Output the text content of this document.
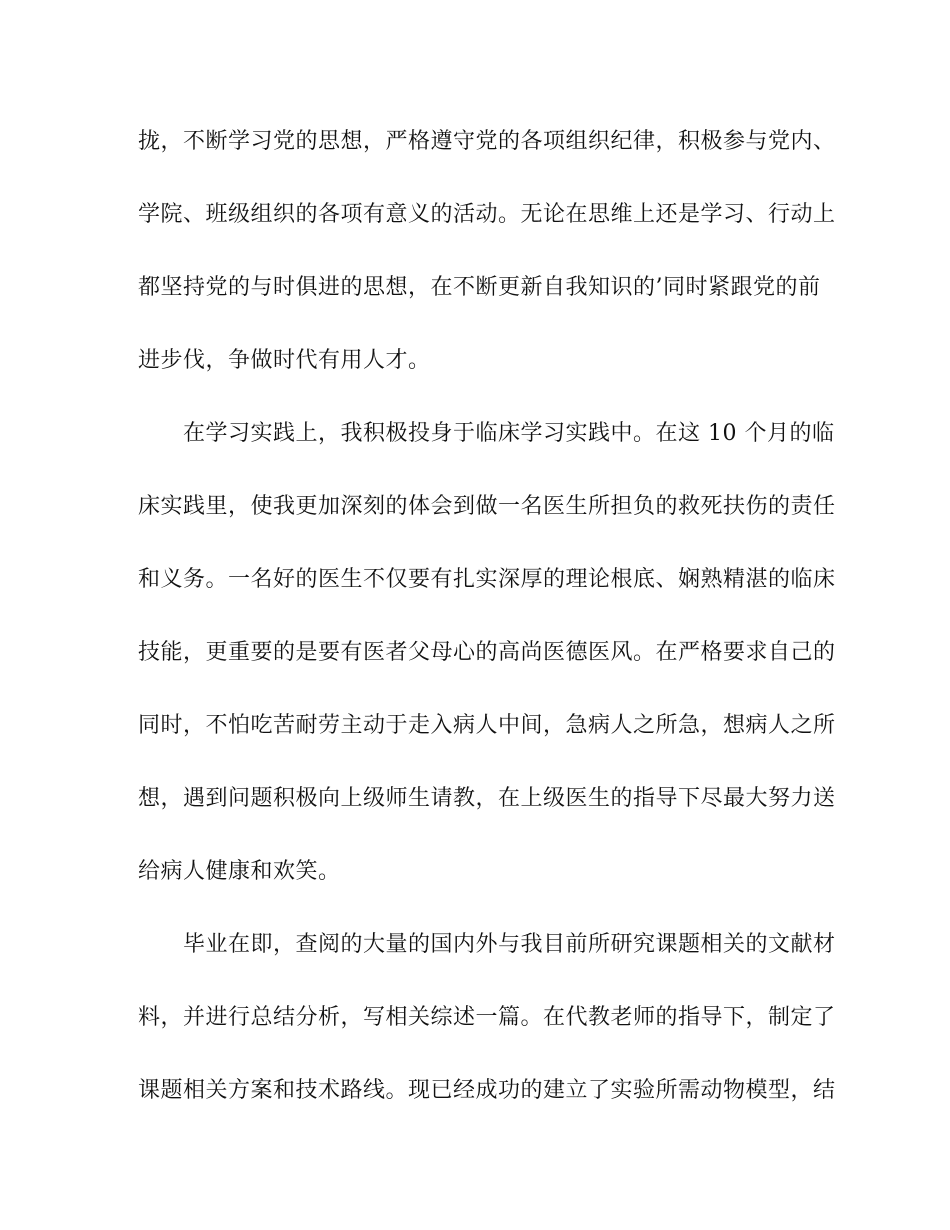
拢，不断学习党的思想，严格遵守党的各项组织纪律，积极参与党内、
学院、班级组织的各项有意义的活动。无论在思维上还是学习、行动上
都坚持党的与时俱进的思想，在不断更新自我知识的’同时紧跟党的前
进步伐，争做时代有用人才。
在学习实践上，我积极投身于临床学习实践中。在这 10 个月的临
床实践里，使我更加深刻的体会到做一名医生所担负的救死扶伤的责任
和义务。一名好的医生不仅要有扎实深厚的理论根底、娴熟精湛的临床
技能，更重要的是要有医者父母心的高尚医德医风。在严格要求自己的
同时，不怕吃苦耐劳主动于走入病人中间，急病人之所急，想病人之所
想，遇到问题积极向上级师生请教，在上级医生的指导下尽最大努力送
给病人健康和欢笑。
毕业在即，查阅的大量的国内外与我目前所研究课题相关的文献材
料，并进行总结分析，写相关综述一篇。在代教老师的指导下，制定了
课题相关方案和技术路线。现已经成功的建立了实验所需动物模型，结
